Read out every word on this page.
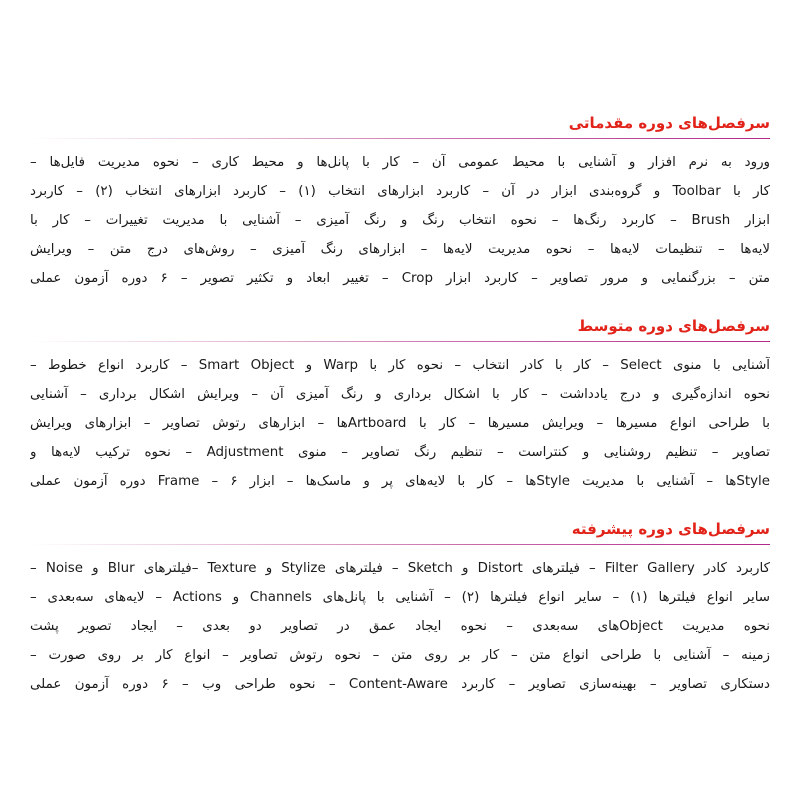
سرفصل‌های دوره مقدماتی
ورود به نرم افزار و آشنایی با محیط عمومی آن – کار با پانل‌ها و محیط کاری – نحوه مدیریت فایل‌ها –
کار با Toolbar و گروه‌بندی ابزار در آن – کاربرد ابزارهای انتخاب (۱) – کاربرد ابزارهای انتخاب (۲) – کاربرد
ابزار Brush – کاربرد رنگ‌ها – نحوه انتخاب رنگ و رنگ آمیزی – آشنایی با مدیریت تغییرات – کار با
لایه‌ها – تنظیمات لایه‌ها – نحوه مدیریت لایه‌ها – ابزارهای رنگ آمیزی – روش‌های درج متن – ویرایش
متن – بزرگنمایی و مرور تصاویر – کاربرد ابزار Crop – تغییر ابعاد و تکثیر تصویر – ۶ دوره آزمون عملی
سرفصل‌های دوره متوسط
آشنایی با منوی Select – کار با کادر انتخاب – نحوه کار با Warp و Smart Object – کاربرد انواع خطوط –
نحوه اندازه‌گیری و درج یادداشت – کار با اشکال برداری و رنگ آمیزی آن – ویرایش اشکال برداری – آشنایی
با طراحی انواع مسیرها – ویرایش مسیرها – کار با Artboardها – ابزارهای رتوش تصاویر – ابزارهای ویرایش
تصاویر – تنظیم روشنایی و کنتراست – تنظیم رنگ تصاویر – منوی Adjustment – نحوه ترکیب لایه‌ها و
Styleها – آشنایی با مدیریت Styleها – کار با لایه‌های پر و ماسک‌ها – ابزار Frame – ۶ دوره آزمون عملی
سرفصل‌های دوره پیشرفته
کاربرد کادر Filter Gallery – فیلترهای Distort و Sketch – فیلترهای Stylize و Texture –فیلترهای Blur و Noise –
سایر انواع فیلترها (۱) – سایر انواع فیلترها (۲) – آشنایی با پانل‌های Channels و Actions – لایه‌های سه‌بعدی –
نحوه مدیریت Objectهای سه‌بعدی – نحوه ایجاد عمق در تصاویر دو بعدی – ایجاد تصویر پشت
زمینه – آشنایی با طراحی انواع متن – کار بر روی متن – نحوه رتوش تصاویر – انواع کار بر روی صورت –
دستکاری تصاویر – بهینه‌سازی تصاویر – کاربرد Content-Aware – نحوه طراحی وب – ۶ دوره آزمون عملی
